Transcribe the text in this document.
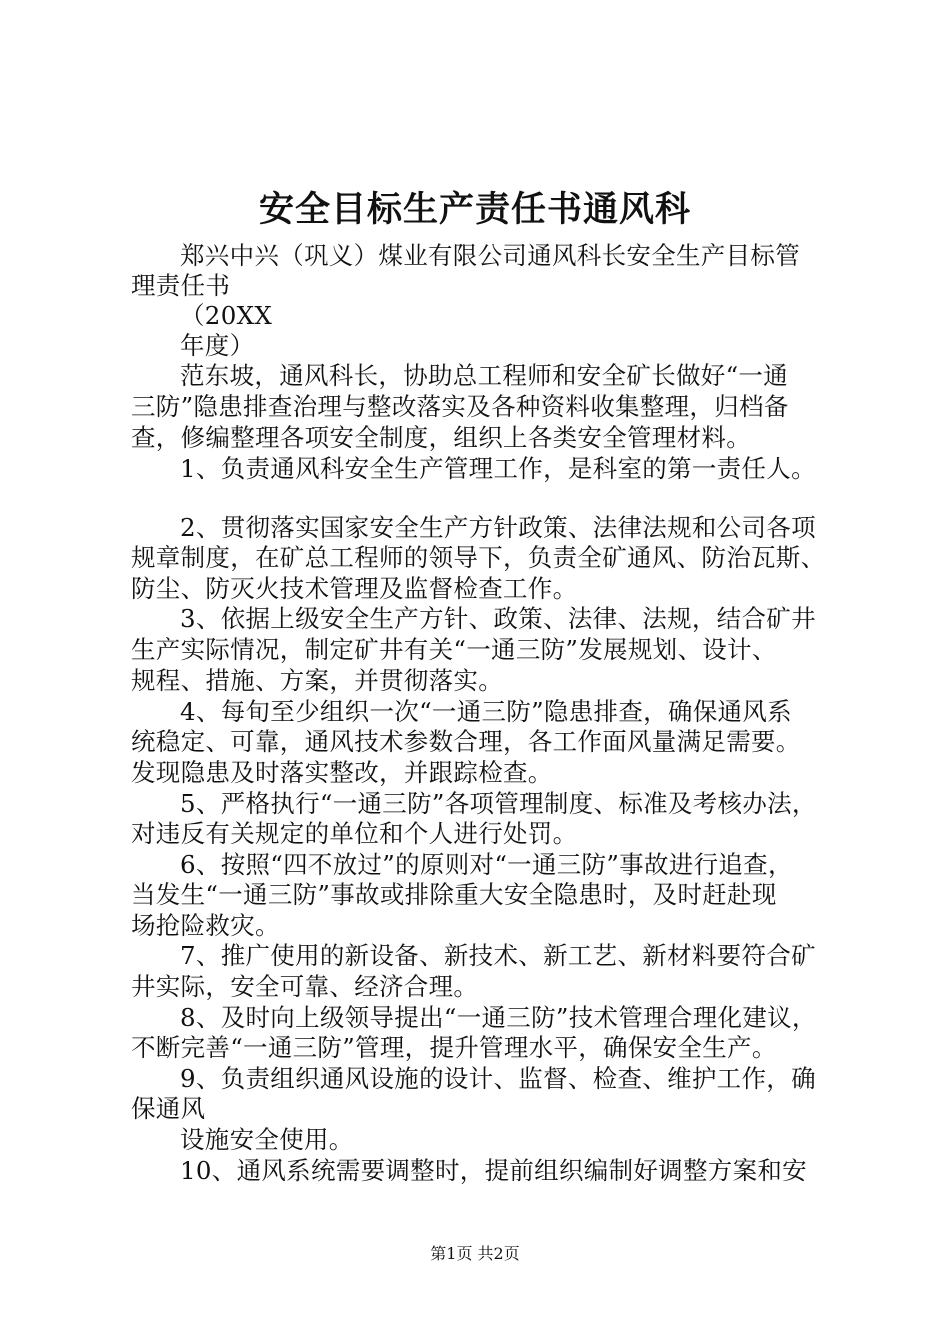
安全目标生产责任书通风科
郑兴中兴（巩义）煤业有限公司通风科长安全生产目标管
理责任书
（20XX
年度）
范东坡，通风科长，协助总工程师和安全矿长做好“一通
三防”隐患排查治理与整改落实及各种资料收集整理，归档备
查，修编整理各项安全制度，组织上各类安全管理材料。
1、负责通风科安全生产管理工作，是科室的第一责任人。
2、贯彻落实国家安全生产方针政策、法律法规和公司各项
规章制度，在矿总工程师的领导下，负责全矿通风、防治瓦斯、
防尘、防灭火技术管理及监督检查工作。
3、依据上级安全生产方针、政策、法律、法规，结合矿井
生产实际情况，制定矿井有关“一通三防”发展规划、设计、
规程、措施、方案，并贯彻落实。
4、每旬至少组织一次“一通三防”隐患排查，确保通风系
统稳定、可靠，通风技术参数合理，各工作面风量满足需要。
发现隐患及时落实整改，并跟踪检查。
5、严格执行“一通三防”各项管理制度、标准及考核办法，
对违反有关规定的单位和个人进行处罚。
6、按照“四不放过”的原则对“一通三防”事故进行追查，
当发生“一通三防”事故或排除重大安全隐患时，及时赶赴现
场抢险救灾。
7、推广使用的新设备、新技术、新工艺、新材料要符合矿
井实际，安全可靠、经济合理。
8、及时向上级领导提出“一通三防”技术管理合理化建议，
不断完善“一通三防”管理，提升管理水平，确保安全生产。
9、负责组织通风设施的设计、监督、检查、维护工作，确
保通风
设施安全使用。
10、通风系统需要调整时，提前组织编制好调整方案和安
第1页 共2页
